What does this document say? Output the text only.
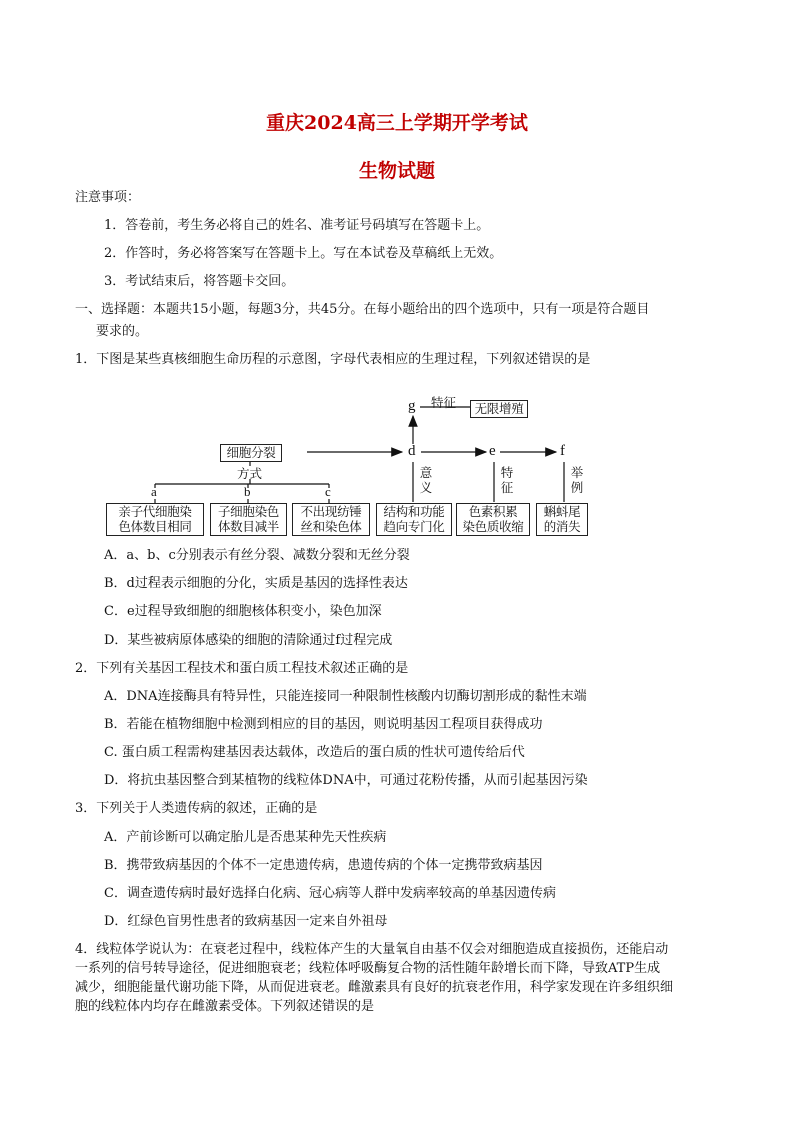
重庆2024高三上学期开学考试
生物试题
注意事项：
1．答卷前，考生务必将自己的姓名、准考证号码填写在答题卡上。
2．作答时，务必将答案写在答题卡上。写在本试卷及草稿纸上无效。
3．考试结束后，将答题卡交回。
一、选择题：本题共15小题，每题3分，共45分。在每小题给出的四个选项中，只有一项是符合题目
要求的。
1．下图是某些真核细胞生命历程的示意图，字母代表相应的生理过程，下列叙述错误的是
g 特征	无限增殖
细胞分裂
方式
d	e	f
a	b	c
意义
特征
举例
亲子代细胞染
色体数目相同
子细胞染色
体数目减半
不出现纺锤
丝和染色体
结构和功能
趋向专门化
色素积累
染色质收缩
蝌蚪尾
的消失
A．a、b、c分别表示有丝分裂、减数分裂和无丝分裂
B．d过程表示细胞的分化，实质是基因的选择性表达
C．e过程导致细胞的细胞核体积变小，染色加深
D．某些被病原体感染的细胞的清除通过f过程完成
2．下列有关基因工程技术和蛋白质工程技术叙述正确的是
A．DNA连接酶具有特异性，只能连接同一种限制性核酸内切酶切割形成的黏性末端
B．若能在植物细胞中检测到相应的目的基因，则说明基因工程项目获得成功
C. 蛋白质工程需构建基因表达载体，改造后的蛋白质的性状可遗传给后代
D．将抗虫基因整合到某植物的线粒体DNA中，可通过花粉传播，从而引起基因污染
3．下列关于人类遗传病的叙述，正确的是
A．产前诊断可以确定胎儿是否患某种先天性疾病
B．携带致病基因的个体不一定患遗传病，患遗传病的个体一定携带致病基因
C．调查遗传病时最好选择白化病、冠心病等人群中发病率较高的单基因遗传病
D．红绿色盲男性患者的致病基因一定来自外祖母
4．线粒体学说认为：在衰老过程中，线粒体产生的大量氧自由基不仅会对细胞造成直接损伤，还能启动
一系列的信号转导途径，促进细胞衰老；线粒体呼吸酶复合物的活性随年龄增长而下降，导致ATP生成
减少，细胞能量代谢功能下降，从而促进衰老。雌激素具有良好的抗衰老作用，科学家发现在许多组织细
胞的线粒体内均存在雌激素受体。下列叙述错误的是
